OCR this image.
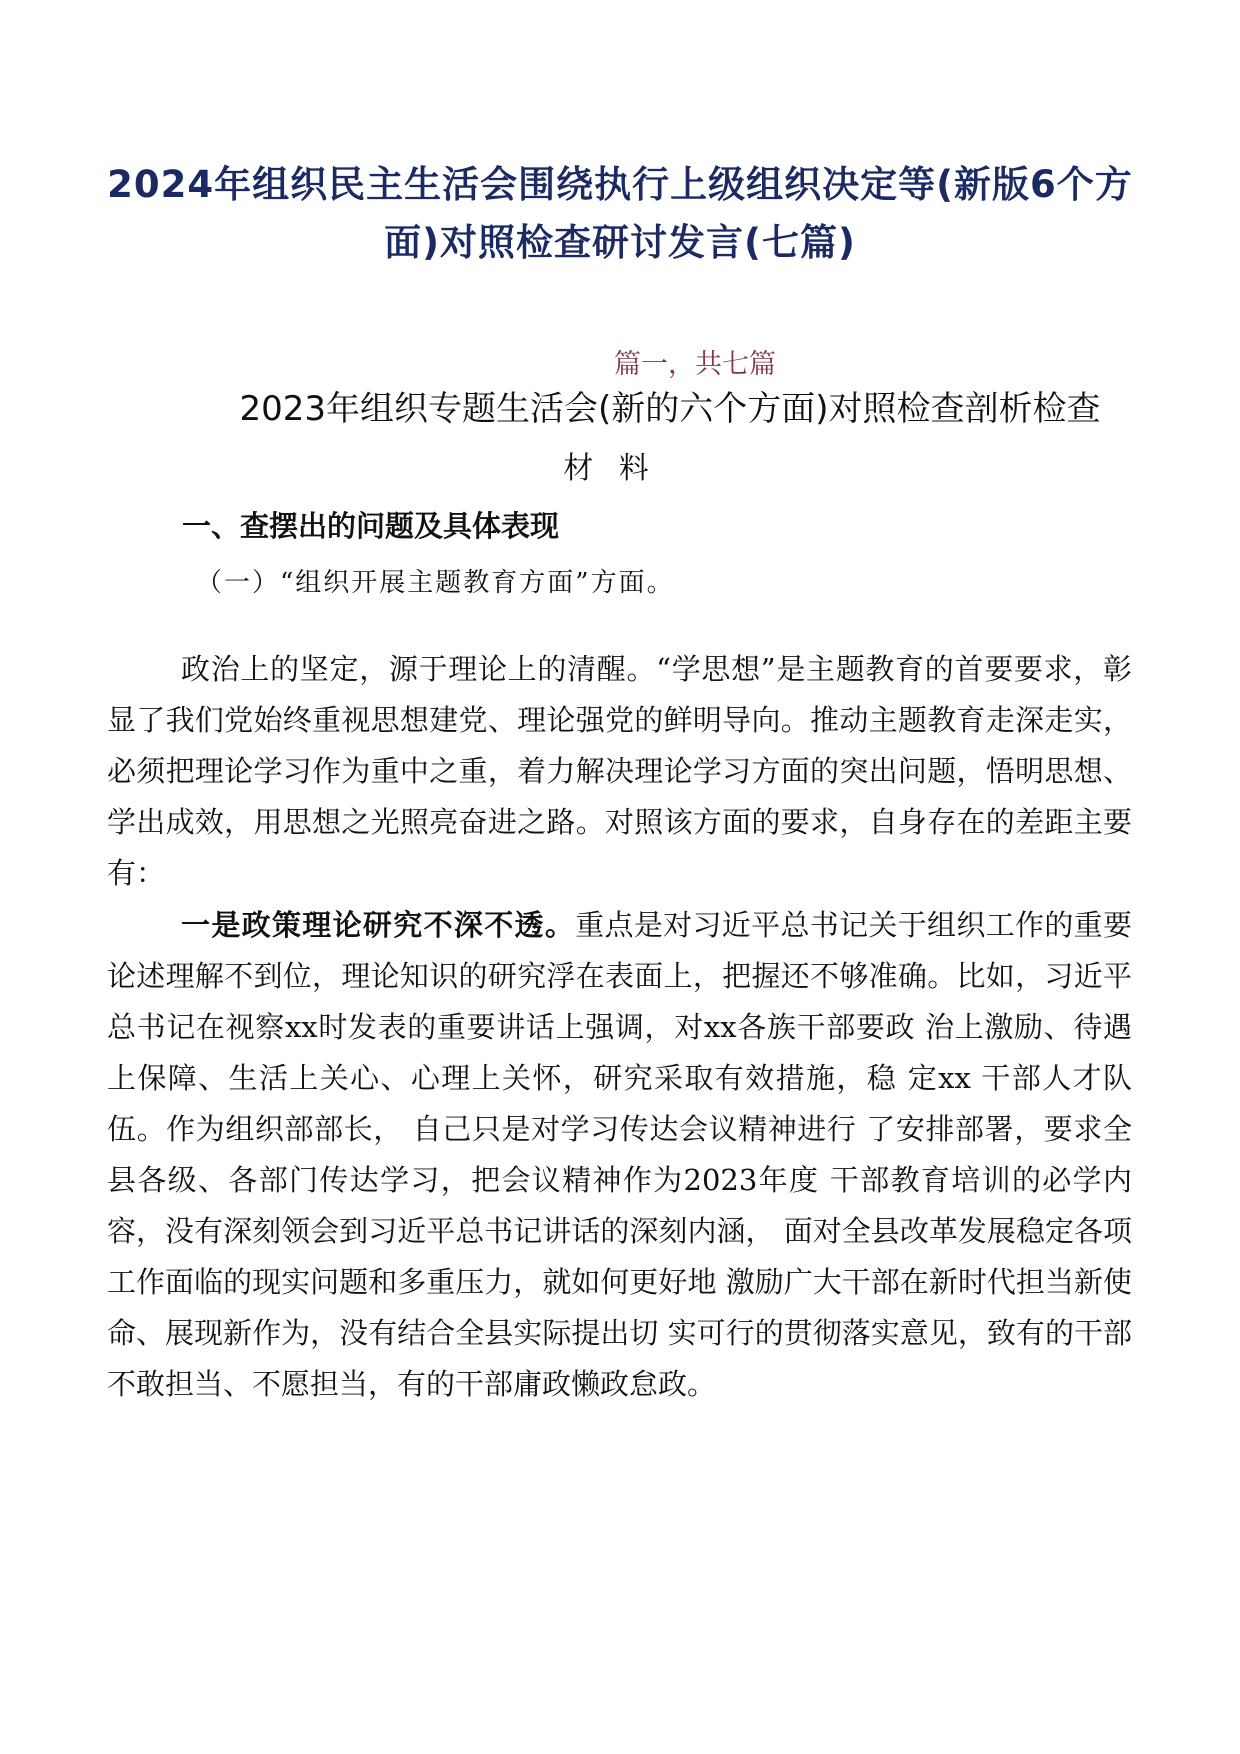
2024年组织民主生活会围绕执行上级组织决定等(新版6个方面)对照检查研讨发言(七篇)
篇一，共七篇
2023年组织专题生活会(新的六个方面)对照检查剖析检查
材 料
一、查摆出的问题及具体表现
（一）“组织开展主题教育方面”方面。

政治上的坚定，源于理论上的清醒。“学思想”是主题教育的首要要求，彰显了我们党始终重视思想建党、理论强党的鲜明导向。推动主题教育走深走实，必须把理论学习作为重中之重，着力解决理论学习方面的突出问题，悟明思想、学出成效，用思想之光照亮奋进之路。对照该方面的要求，自身存在的差距主要有：

一是政策理论研究不深不透。重点是对习近平总书记关于组织工作的重要论述理解不到位，理论知识的研究浮在表面上，把握还不够准确。比如，习近平总书记在视察xx时发表的重要讲话上强调，对xx各族干部要政 治上激励、待遇上保障、生活上关心、心理上关怀，研究采取有效措施，稳 定xx 干部人才队伍。作为组织部部长， 自己只是对学习传达会议精神进行 了安排部署，要求全县各级、各部门传达学习，把会议精神作为2023年度 干部教育培训的必学内容，没有深刻领会到习近平总书记讲话的深刻内涵， 面对全县改革发展稳定各项工作面临的现实问题和多重压力，就如何更好地 激励广大干部在新时代担当新使命、展现新作为，没有结合全县实际提出切 实可行的贯彻落实意见，致有的干部不敢担当、不愿担当，有的干部庸政懒政怠政。
